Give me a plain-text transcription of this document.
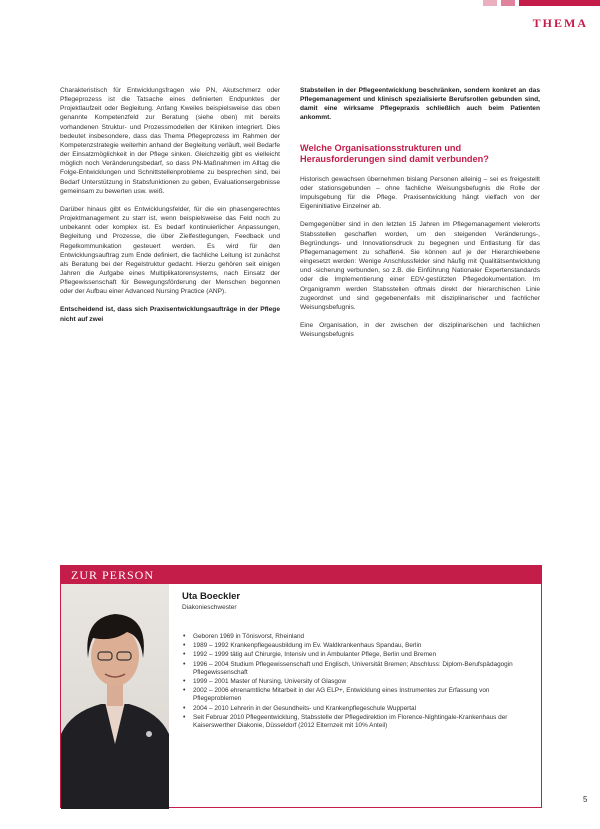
THEMA

Charakteristisch für Entwicklungsfragen wie PN, Akutschmerz oder Pflegeprozess ist die Tatsache eines definierten Endpunktes der Projektlaufzeit oder Begleitung. Anfang Kweiles beispielsweise das oben genannte Kompetenzfeld zur Beratung (siehe oben) mit bereits vorhandenen Struktur- und Prozessmodellen der Kliniken integriert. Dies bedeutet insbesondere, dass das Thema Pflegeprozess im Rahmen der Kompetenzstrategie weiterhin anhand der Begleitung verläuft, weil Bedarfe der Einsatzmöglichkeit in der Pflege sinken. Gleichzeitig gibt es vielleicht möglich noch Veränderungsbedarf, so dass PN-Maßnahmen im Alltag die Folge-Entwicklungen und Schnittstellenprobleme zu besprechen sind, bei Bedarf Unterstützung in Stabsfunktionen zu geben, Evaluationsergebnisse gemeinsam zu bewerten usw. weiß.

Darüber hinaus gibt es Entwicklungsfelder, für die ein phasengerechtes Projektmanagement zu starr ist, wenn beispielsweise das Feld noch zu unbekannt oder komplex ist. Es bedarf kontinuierlicher Anpassungen, Begleitung und Prozesse, die über Zielfestlegungen, Feedback und Regelkommunikation gesteuert werden. Es wird für den Entwicklungsauftrag zum Ende definiert, die fachliche Leitung ist zunächst als Beratung bei der Regelstruktur gedacht. Hierzu gehören seit einigen Jahren die Aufgabe eines Multiplikatorensystems, nach Einsatz der Pflegewissenschaft für Bewegungsförderung der Menschen begonnen oder der Aufbau einer Advanced Nursing Practice (ANP).

Entscheidend ist, dass sich Praxisentwicklungsaufträge in der Pflege nicht auf zwei

Stabstellen in der Pflegeentwicklung beschränken, sondern konkret an das Pflegemanagement und klinisch spezialisierte Berufsrollen gebunden sind, damit eine wirksame Pflegepraxis schließlich auch beim Patienten ankommt.

Welche Organisationsstrukturen und Herausforderungen sind damit verbunden?

Historisch gewachsen übernehmen bislang Personen alleinig – sei es freigestellt oder stationsgebunden – ohne fachliche Weisungsbefugnis die Rolle der Impulsgebung für die Pflege. Praxisentwicklung hängt vielfach von der Eigeninitiative Einzelner ab.

Demgegenüber sind in den letzten 15 Jahren im Pflegemanagement vielerorts Stabsstellen geschaffen worden, um den steigenden Veränderungs-, Begründungs- und Innovationsdruck zu begegnen und Entlastung für das Pflegemanagement zu schaffen4. Sie können auf je der Hierarchieebene eingesetzt werden: Wenige Anschlussfelder sind häufig mit Qualitätsentwicklung und -sicherung verbunden, so z.B. die Einführung Nationaler Expertenstandards oder die Implementierung einer EDV-gestützten Pflegedokumentation. Im Organigramm werden Stabsstellen oftmals direkt der hierarchischen Linie zugeordnet und sind gegebenenfalls mit disziplinarischer und fachlicher Weisungsbefugnis.

Eine Organisation, in der zwischen der disziplinarischen und fachlichen Weisungsbefugnis

ZUR PERSON
Uta Boeckler
Diakonieschwester
• Geboren 1969 in Tönisvorst, Rheinland
• 1989 – 1992 Krankenpflegeausbildung im Ev. Waldkrankenhaus Spandau, Berlin
• 1992 – 1999 tätig auf Chirurgie, Intensiv und in Ambulanter Pflege, Berlin und Bremen
• 1996 – 2004 Studium Pflegewissenschaft und Englisch, Universität Bremen; Abschluss: Diplom-Berufspädagogin Pflegewissenschaft
• 1999 – 2001 Master of Nursing, University of Glasgow
• 2002 – 2006 ehrenamtliche Mitarbeit in der AG ELP+, Entwicklung eines Instrumentes zur Erfassung von Pflegeproblemen
• 2004 – 2010 Lehrerin in der Gesundheits- und Krankenpflegeschule Wuppertal
• Seit Februar 2010 Pflegeentwicklung, Stabsstelle der Pflegedirektion im Florence-Nightingale-Krankenhaus der Kaiserswerther Diakonie, Düsseldorf (2012 Elternzeit mit 10% Anteil)
5
